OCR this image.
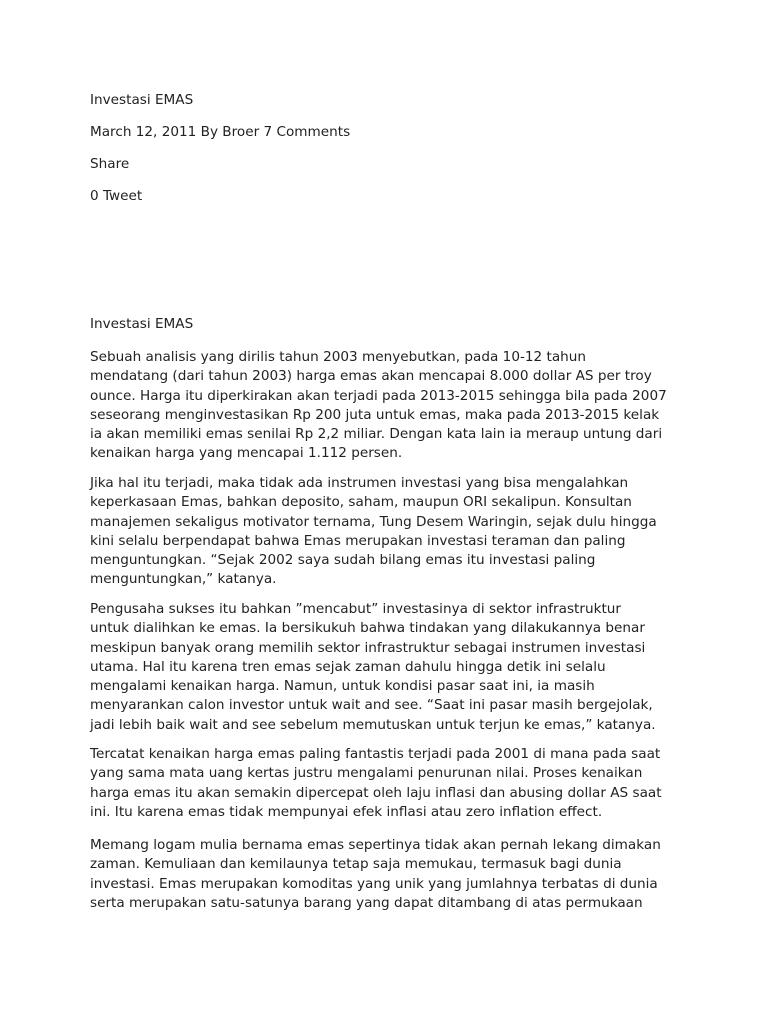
Investasi EMAS
March 12, 2011 By Broer 7 Comments
Share
0 Tweet
Investasi EMAS

Sebuah analisis yang dirilis tahun 2003 menyebutkan, pada 10-12 tahun
mendatang (dari tahun 2003) harga emas akan mencapai 8.000 dollar AS per troy
ounce. Harga itu diperkirakan akan terjadi pada 2013-2015 sehingga bila pada 2007
seseorang menginvestasikan Rp 200 juta untuk emas, maka pada 2013-2015 kelak
ia akan memiliki emas senilai Rp 2,2 miliar. Dengan kata lain ia meraup untung dari
kenaikan harga yang mencapai 1.112 persen.

Jika hal itu terjadi, maka tidak ada instrumen investasi yang bisa mengalahkan
keperkasaan Emas, bahkan deposito, saham, maupun ORI sekalipun. Konsultan
manajemen sekaligus motivator ternama, Tung Desem Waringin, sejak dulu hingga
kini selalu berpendapat bahwa Emas merupakan investasi teraman dan paling
menguntungkan. “Sejak 2002 saya sudah bilang emas itu investasi paling
menguntungkan,” katanya.

Pengusaha sukses itu bahkan ”mencabut” investasinya di sektor infrastruktur
untuk dialihkan ke emas. Ia bersikukuh bahwa tindakan yang dilakukannya benar
meskipun banyak orang memilih sektor infrastruktur sebagai instrumen investasi
utama. Hal itu karena tren emas sejak zaman dahulu hingga detik ini selalu
mengalami kenaikan harga. Namun, untuk kondisi pasar saat ini, ia masih
menyarankan calon investor untuk wait and see. “Saat ini pasar masih bergejolak,
jadi lebih baik wait and see sebelum memutuskan untuk terjun ke emas,” katanya.

Tercatat kenaikan harga emas paling fantastis terjadi pada 2001 di mana pada saat
yang sama mata uang kertas justru mengalami penurunan nilai. Proses kenaikan
harga emas itu akan semakin dipercepat oleh laju inflasi dan abusing dollar AS saat
ini. Itu karena emas tidak mempunyai efek inflasi atau zero inflation effect.

Memang logam mulia bernama emas sepertinya tidak akan pernah lekang dimakan
zaman. Kemuliaan dan kemilaunya tetap saja memukau, termasuk bagi dunia
investasi. Emas merupakan komoditas yang unik yang jumlahnya terbatas di dunia
serta merupakan satu-satunya barang yang dapat ditambang di atas permukaan
